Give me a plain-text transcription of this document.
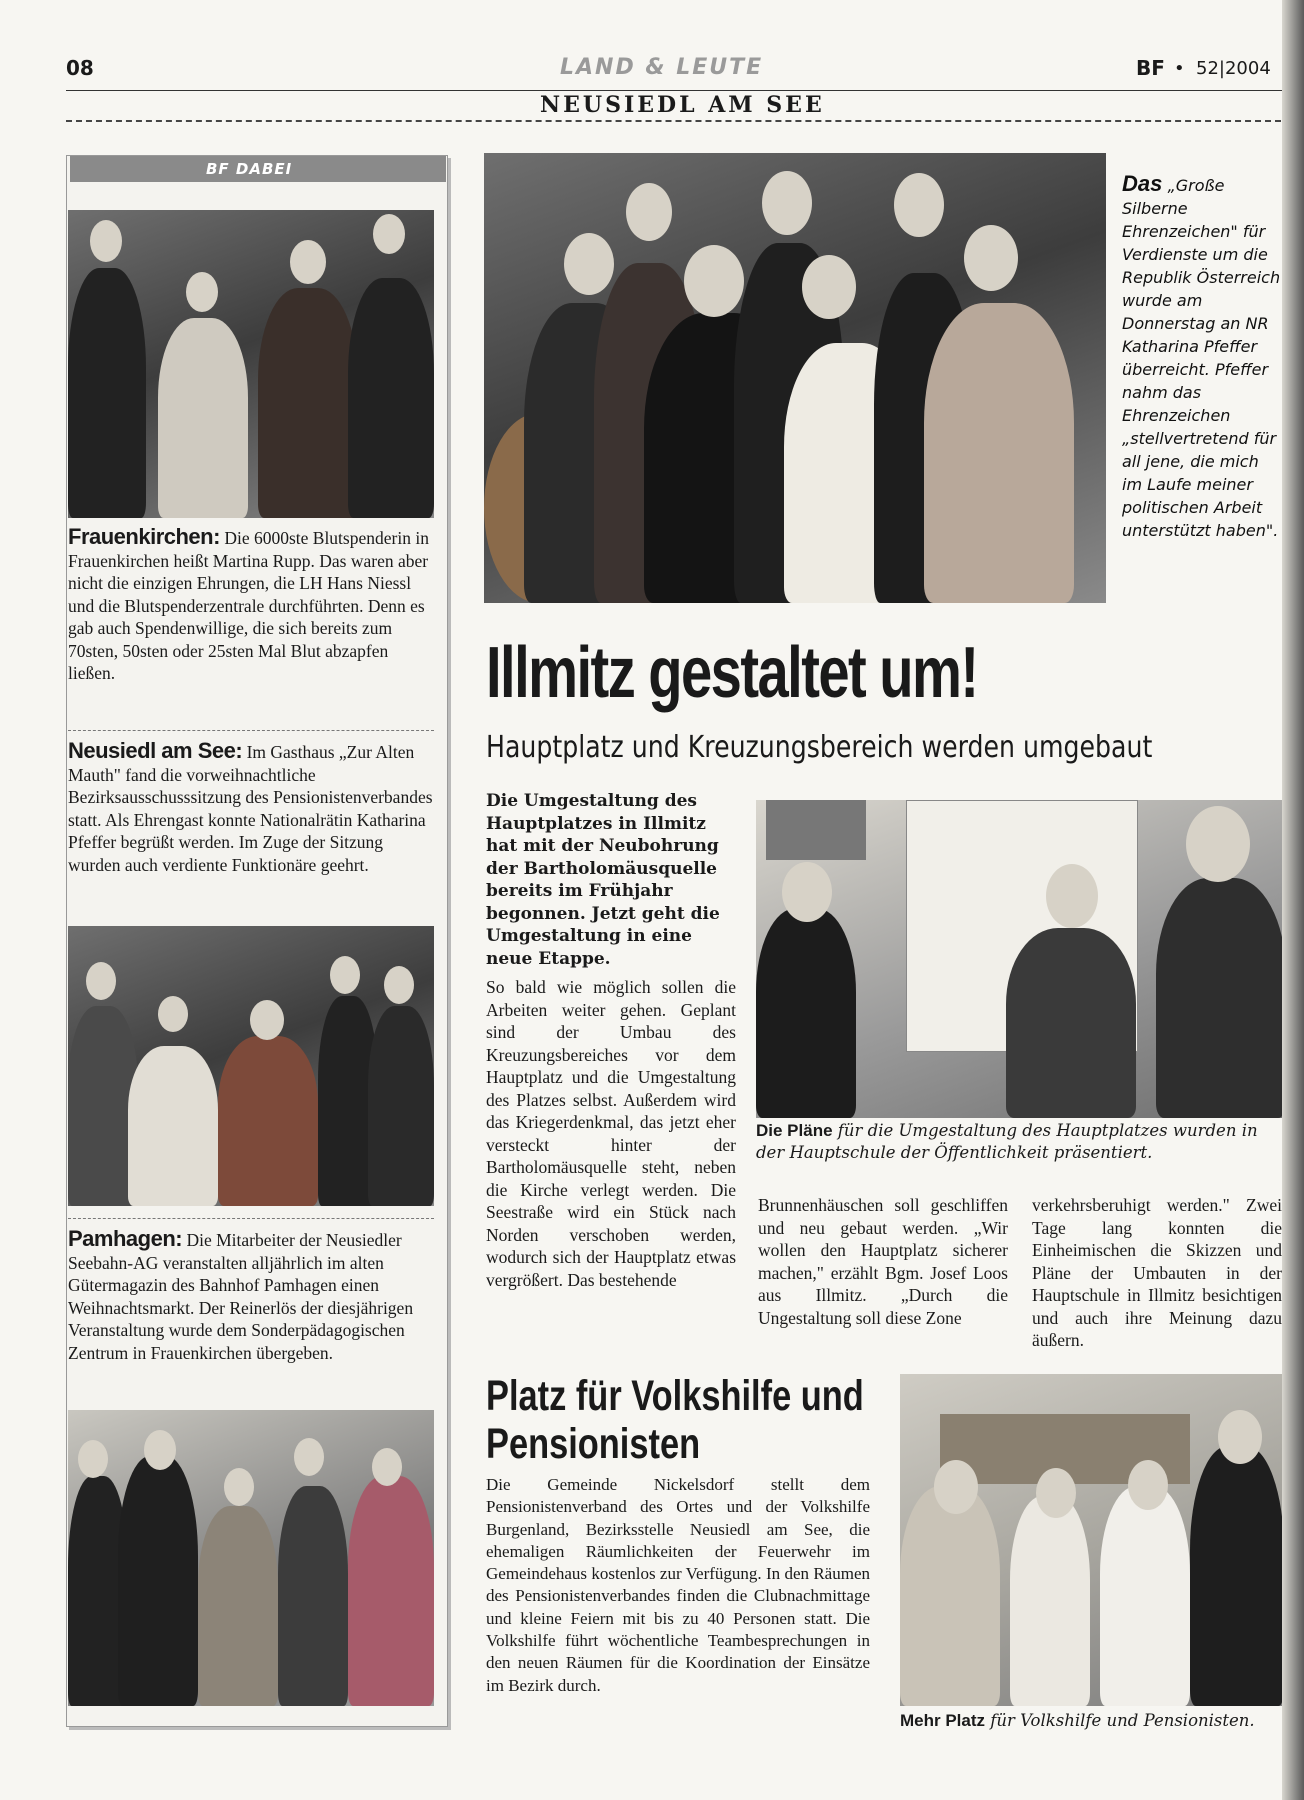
08	LAND & LEUTE	BF • 52|2004
NEUSIEDL AM SEE
BF DABEI
Frauenkirchen: Die 6000ste Blutspenderin in Frauenkirchen heißt Martina Rupp. Das waren aber nicht die einzigen Ehrungen, die LH Hans Niessl und die Blutspenderzentrale durchführten. Denn es gab auch Spendenwillige, die sich bereits zum 70sten, 50sten oder 25sten Mal Blut abzapfen ließen.
Neusiedl am See: Im Gasthaus „Zur Alten Mauth" fand die vorweihnachtliche Bezirksausschusssitzung des Pensionistenverbandes statt. Als Ehrengast konnte Nationalrätin Katharina Pfeffer begrüßt werden. Im Zuge der Sitzung wurden auch verdiente Funktionäre geehrt.
Pamhagen: Die Mitarbeiter der Neusiedler Seebahn-AG veranstalten alljährlich im alten Gütermagazin des Bahnhof Pamhagen einen Weihnachtsmarkt. Der Reinerlös der diesjährigen Veranstaltung wurde dem Sonderpädagogischen Zentrum in Frauenkirchen übergeben.
Das „Große Silberne Ehrenzeichen" für Verdienste um die Republik Österreich wurde am Donnerstag an NR Katharina Pfeffer überreicht. Pfeffer nahm das Ehrenzeichen „stellvertretend für all jene, die mich im Laufe meiner politischen Arbeit unterstützt haben".
Illmitz gestaltet um!
Hauptplatz und Kreuzungsbereich werden umgebaut
Die Umgestaltung des Hauptplatzes in Illmitz hat mit der Neubohrung der Bartholomäusquelle bereits im Frühjahr begonnen. Jetzt geht die Umgestaltung in eine neue Etappe.
So bald wie möglich sollen die Arbeiten weiter gehen. Geplant sind der Umbau des Kreuzungsbereiches vor dem Hauptplatz und die Umgestaltung des Platzes selbst. Außerdem wird das Kriegerdenkmal, das jetzt eher versteckt hinter der Bartholomäusquelle steht, neben die Kirche verlegt werden. Die Seestraße wird ein Stück nach Norden verschoben werden, wodurch sich der Hauptplatz etwas vergrößert. Das bestehende
Die Pläne für die Umgestaltung des Hauptplatzes wurden in der Hauptschule der Öffentlichkeit präsentiert.
Brunnenhäuschen soll geschliffen und neu gebaut werden. „Wir wollen den Hauptplatz sicherer machen," erzählt Bgm. Josef Loos aus Illmitz. „Durch die Ungestaltung soll diese Zone
verkehrsberuhigt werden." Zwei Tage lang konnten die Einheimischen die Skizzen und Pläne der Umbauten in der Hauptschule in Illmitz besichtigen und auch ihre Meinung dazu äußern.
Platz für Volkshilfe und
Pensionisten
Die Gemeinde Nickelsdorf stellt dem Pensionistenverband des Ortes und der Volkshilfe Burgenland, Bezirksstelle Neusiedl am See, die ehemaligen Räumlichkeiten der Feuerwehr im Gemeindehaus kostenlos zur Verfügung. In den Räumen des Pensionistenverbandes finden die Clubnachmittage und kleine Feiern mit bis zu 40 Personen statt. Die Volkshilfe führt wöchentliche Teambesprechungen in den neuen Räumen für die Koordination der Einsätze im Bezirk durch.
Mehr Platz für Volkshilfe und Pensionisten.
